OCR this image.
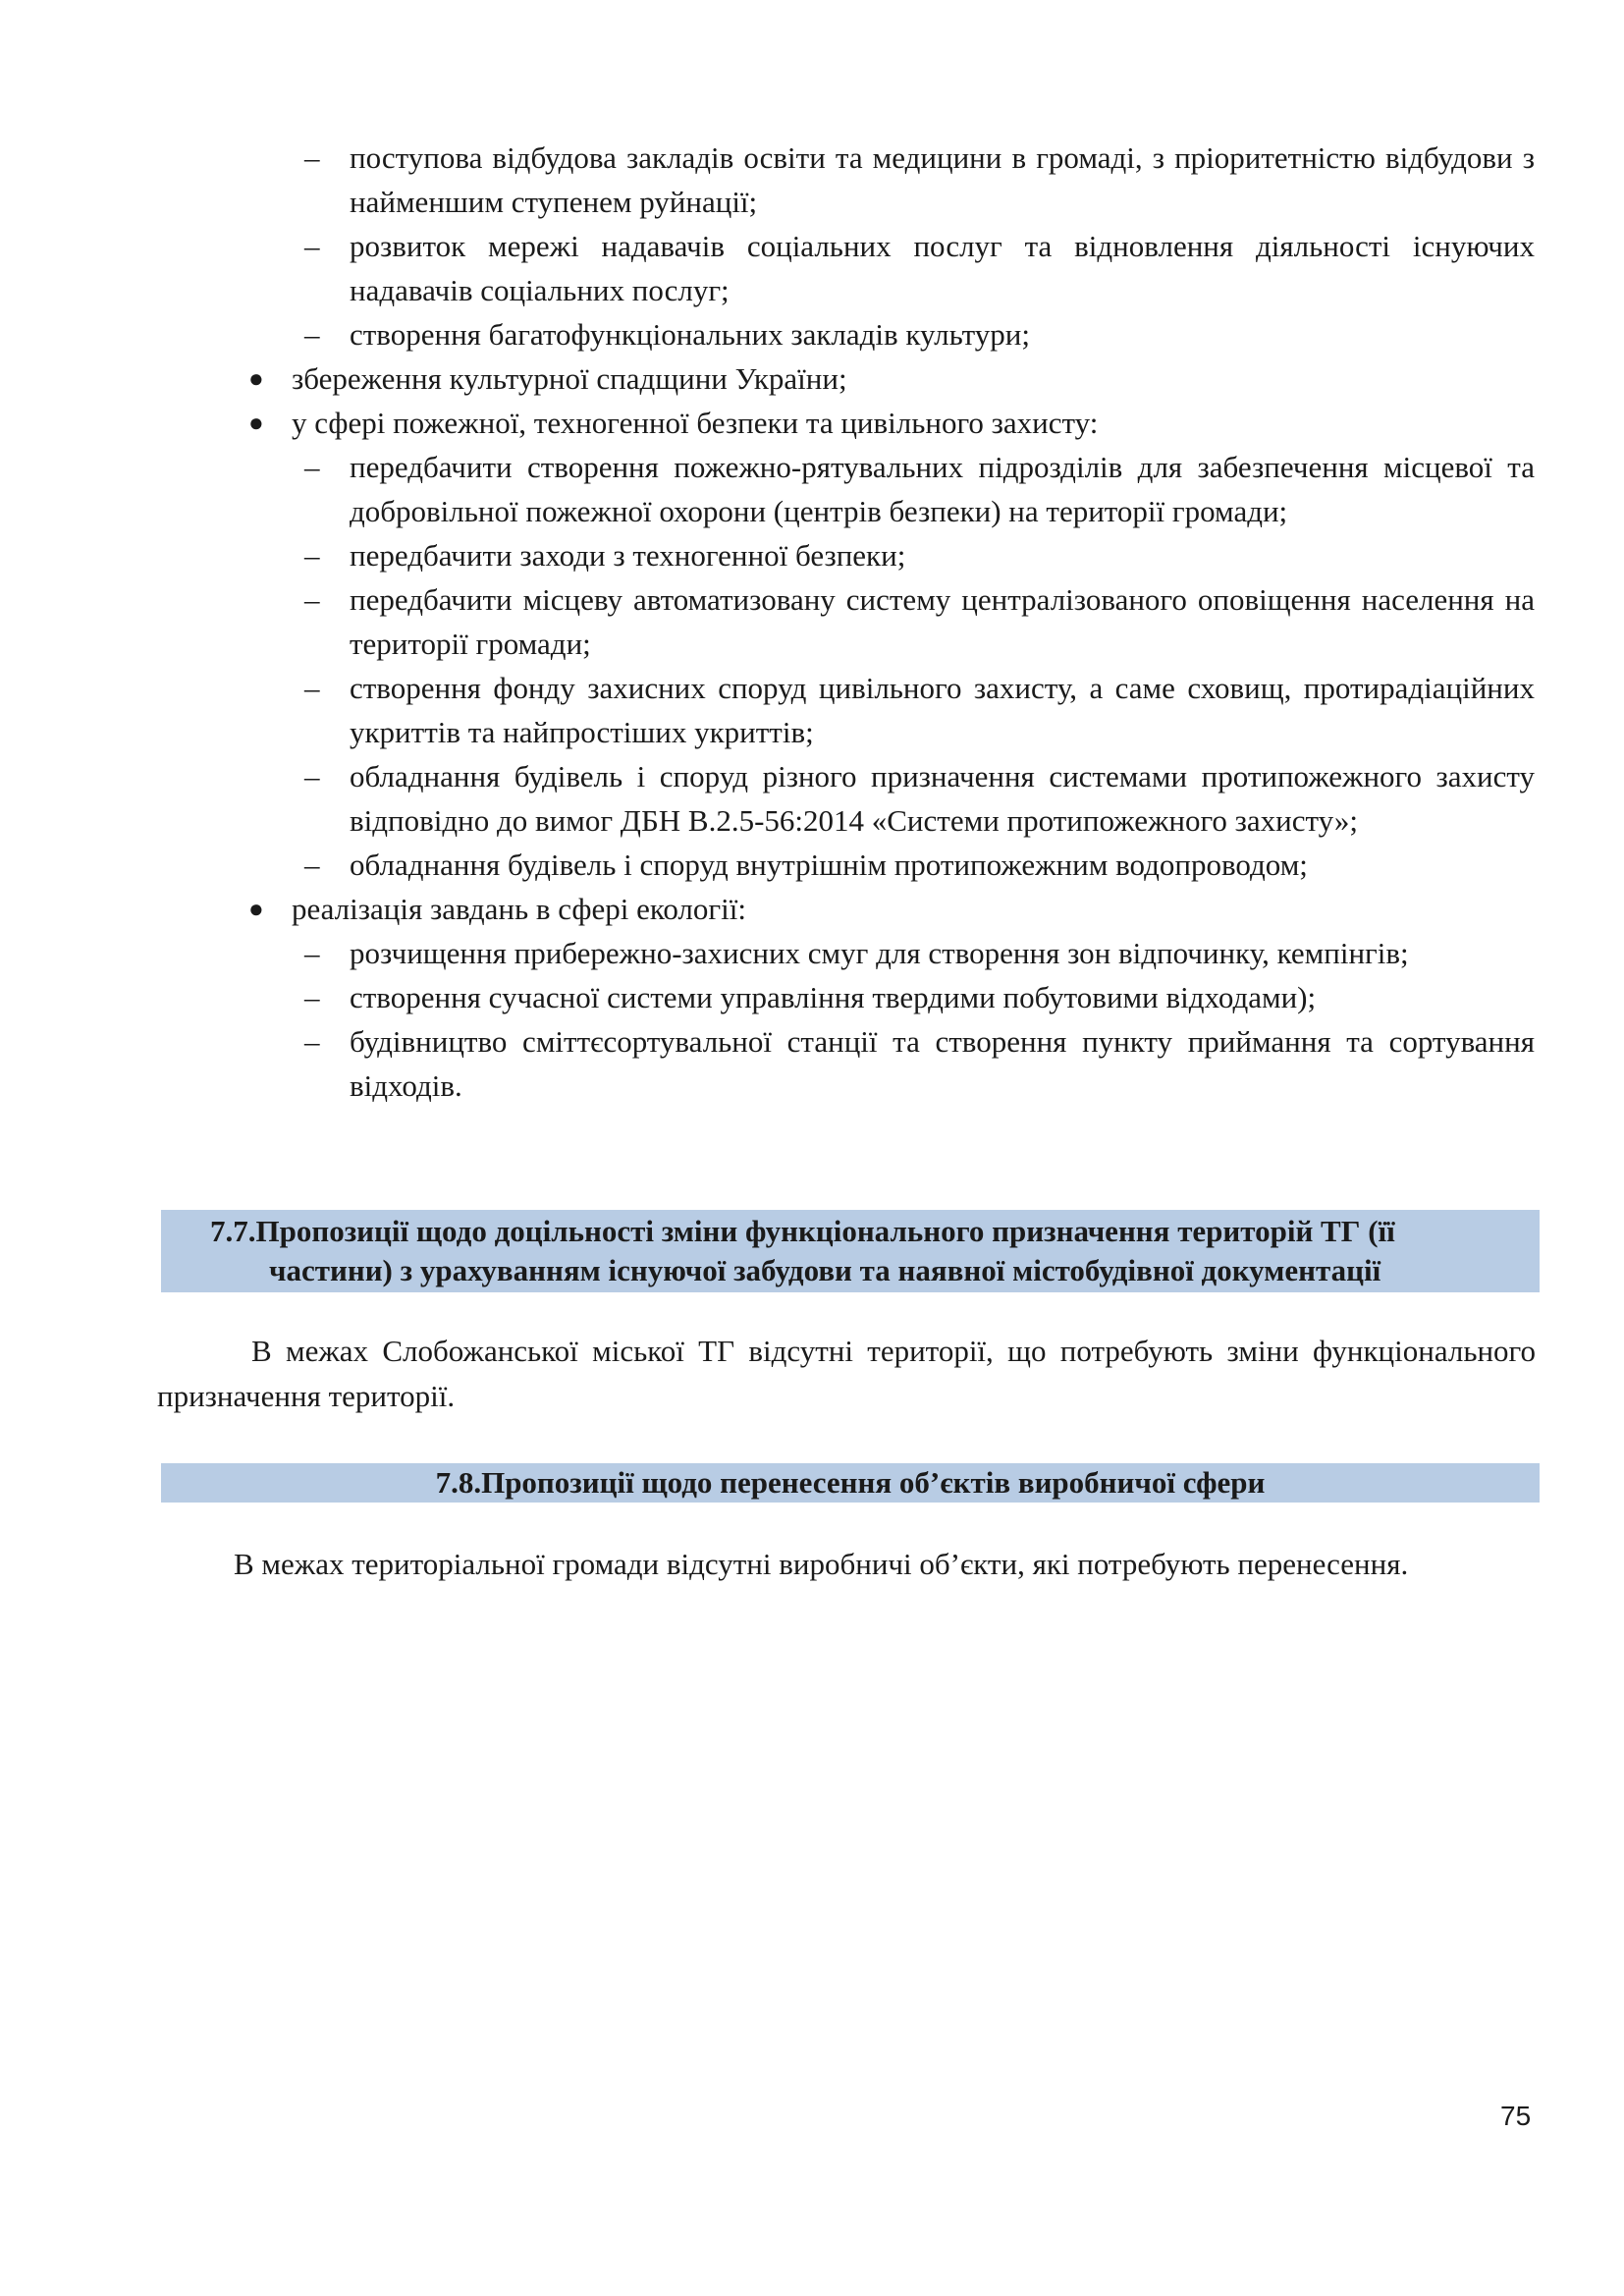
– поступова відбудова закладів освіти та медицини в громаді, з пріоритетністю відбудови з найменшим ступенем руйнації;
– розвиток мережі надавачів соціальних послуг та відновлення діяльності існуючих надавачів соціальних послуг;
– створення багатофункціональних закладів культури;
● збереження культурної спадщини України;
● у сфері пожежної, техногенної безпеки та цивільного захисту:
– передбачити створення пожежно-рятувальних підрозділів для забезпечення місцевої та добровільної пожежної охорони (центрів безпеки) на території громади;
– передбачити заходи з техногенної безпеки;
– передбачити місцеву автоматизовану систему централізованого оповіщення населення на території громади;
– створення фонду захисних споруд цивільного захисту, а саме сховищ, протирадіаційних укриттів та найпростіших укриттів;
– обладнання будівель і споруд різного призначення системами протипожежного захисту відповідно до вимог ДБН В.2.5-56:2014 «Системи протипожежного захисту»;
– обладнання будівель і споруд внутрішнім протипожежним водопроводом;
● реалізація завдань в сфері екології:
– розчищення прибережно-захисних смуг для створення зон відпочинку, кемпінгів;
– створення сучасної системи управління твердими побутовими відходами);
– будівництво сміттєсортувальної станції та створення пункту приймання та сортування відходів.
7.7.Пропозиції щодо доцільності зміни функціонального призначення територій ТГ (її
частини) з урахуванням існуючої забудови та наявної містобудівної документації
В межах Слобожанської міської ТГ відсутні території, що потребують зміни функціонального призначення території.
7.8.Пропозиції щодо перенесення об’єктів виробничої сфери
В межах територіальної громади відсутні виробничі об’єкти, які потребують перенесення.
75
